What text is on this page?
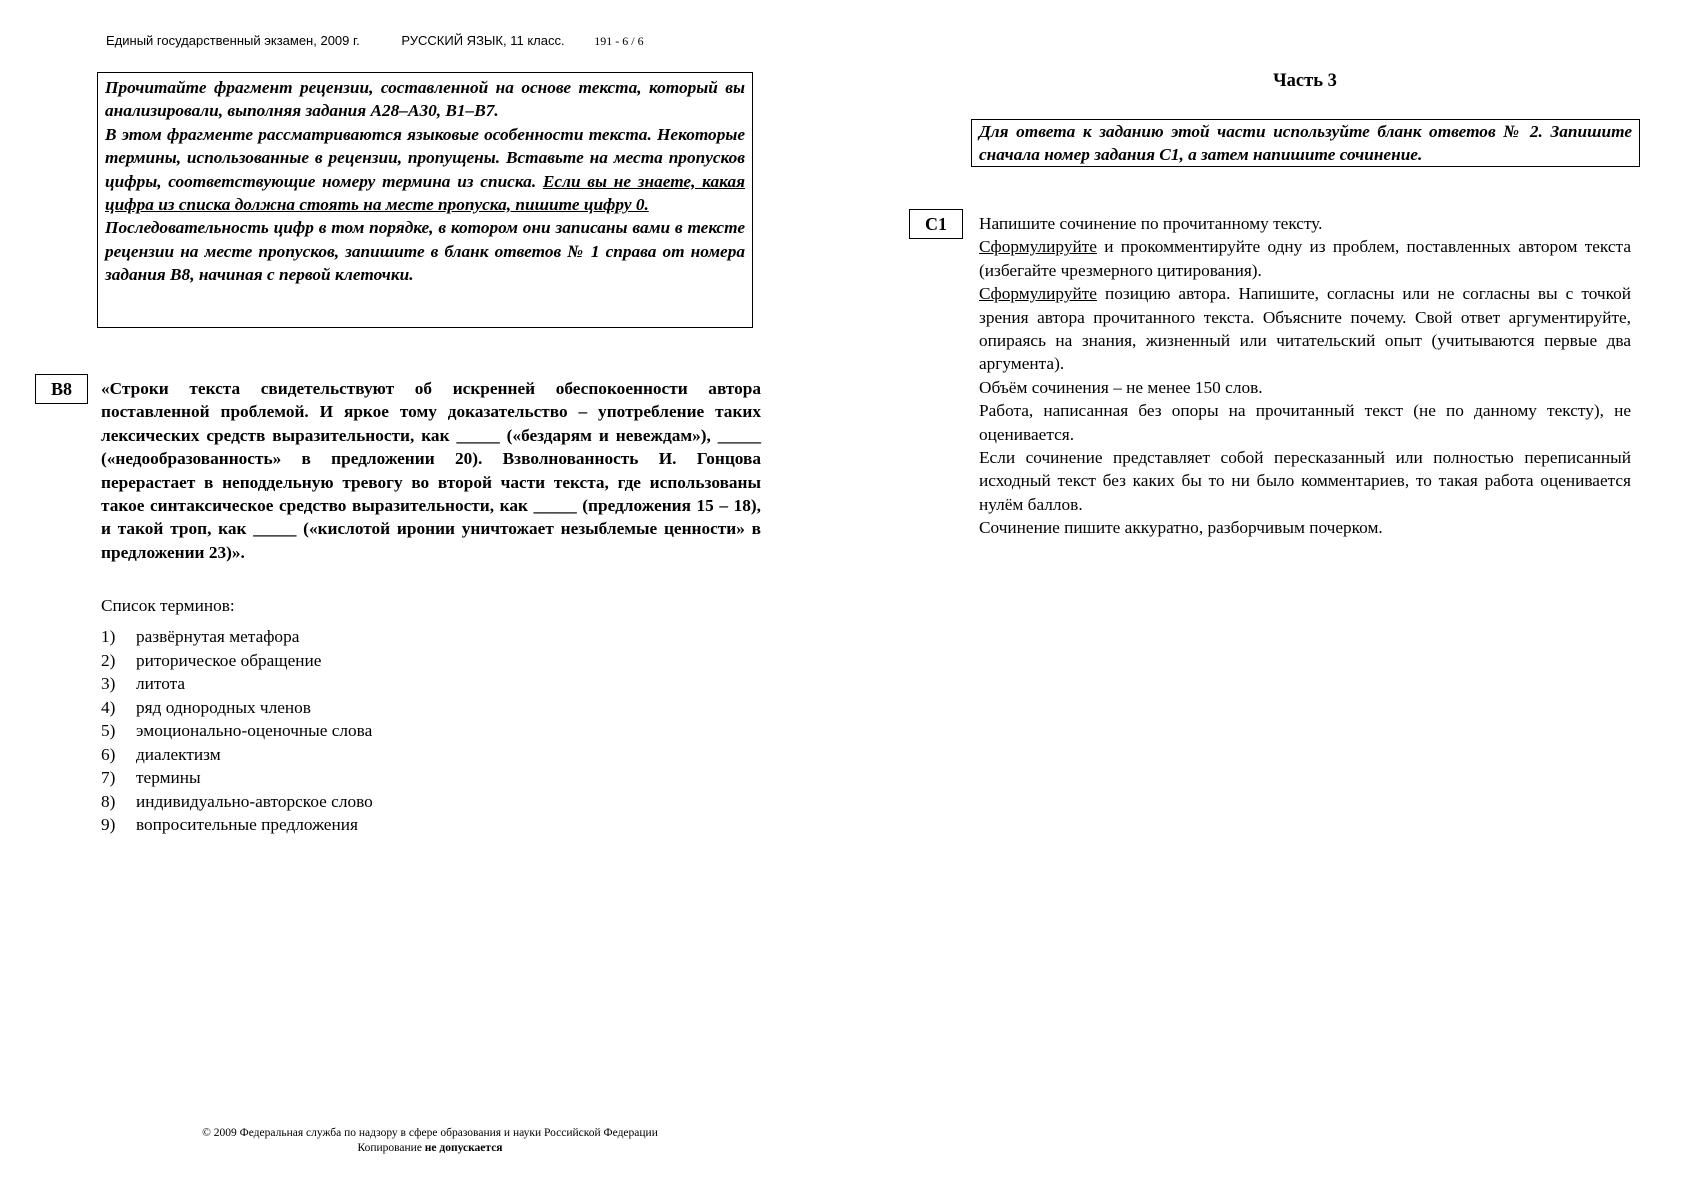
Единый государственный экзамен, 2009 г.	РУССКИЙ ЯЗЫК, 11 класс. 191 - 6 / 6

Прочитайте фрагмент рецензии, составленной на основе текста, который вы анализировали, выполняя задания А28–А30, В1–В7.

В этом фрагменте рассматриваются языковые особенности текста. Некоторые термины, использованные в рецензии, пропущены. Вставьте на места пропусков цифры, соответствующие номеру термина из списка. Если вы не знаете, какая цифра из списка должна стоять на месте пропуска, пишите цифру 0.

Последовательность цифр в том порядке, в котором они записаны вами в тексте рецензии на месте пропусков, запишите в бланк ответов № 1 справа от номера задания В8, начиная с первой клеточки.

В8	«Строки текста свидетельствуют об искренней обеспокоенности автора поставленной проблемой. И яркое тому доказательство – употребление таких лексических средств выразительности, как _____ («бездарям и невеждам»), _____ («недообразованность» в предложении 20). Взволнованность И. Гонцова перерастает в неподдельную тревогу во второй части текста, где использованы такое синтаксическое средство выразительности, как _____ (предложения 15 – 18), и такой троп, как _____ («кислотой иронии уничтожает незыблемые ценности» в предложении 23)».
Список терминов:
1) развёрнутая метафора
2) риторическое обращение
3) литота
4) ряд однородных членов
5) эмоционально-оценочные слова
6) диалектизм
7) термины
8) индивидуально-авторское слово
9) вопросительные предложения
Часть 3
Для ответа к заданию этой части используйте бланк ответов № 2. Запишите сначала номер задания С1, а затем напишите сочинение.
С1	Напишите сочинение по прочитанному тексту.

Сформулируйте и прокомментируйте одну из проблем, поставленных автором текста (избегайте чрезмерного цитирования).

Сформулируйте позицию автора. Напишите, согласны или не согласны вы с точкой зрения автора прочитанного текста. Объясните почему. Свой ответ аргументируйте, опираясь на знания, жизненный или читательский опыт (учитываются первые два аргумента).

Объём сочинения – не менее 150 слов.

Работа, написанная без опоры на прочитанный текст (не по данному тексту), не оценивается.

Если сочинение представляет собой пересказанный или полностью переписанный исходный текст без каких бы то ни было комментариев, то такая работа оценивается нулём баллов.

Сочинение пишите аккуратно, разборчивым почерком.

© 2009 Федеральная служба по надзору в сфере образования и науки Российской Федерации
Копирование не допускается
